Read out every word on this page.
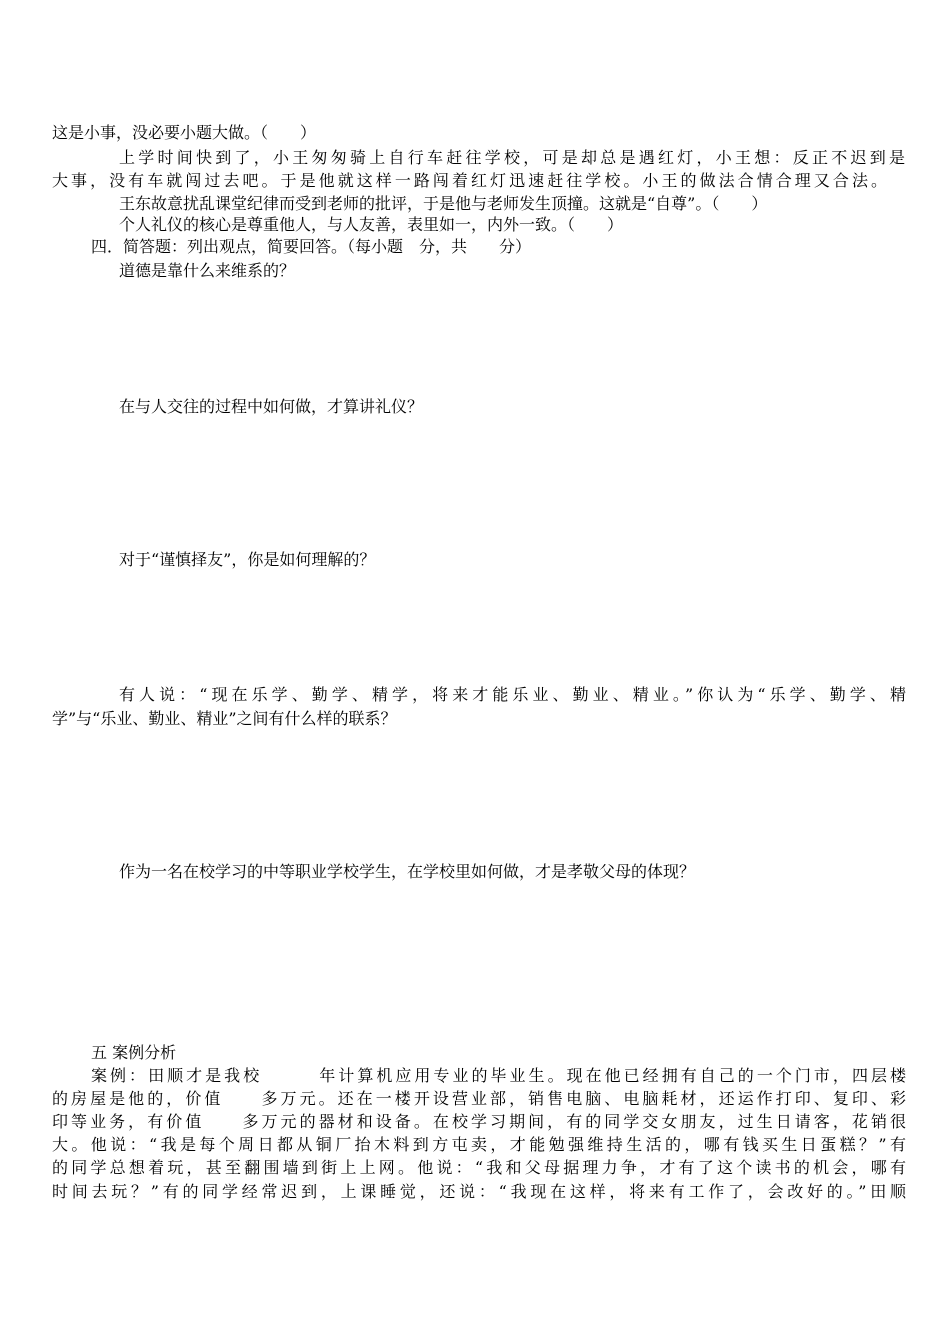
这是小事，没必要小题大做。（　　）
上学时间快到了，小王匆匆骑上自行车赶往学校，可是却总是遇红灯，小王想：反正不迟到是
大事，没有车就闯过去吧。于是他就这样一路闯着红灯迅速赶往学校。小王的做法合情合理又合法。
王东故意扰乱课堂纪律而受到老师的批评，于是他与老师发生顶撞。这就是“自尊”。（　　）
个人礼仪的核心是尊重他人，与人友善，表里如一，内外一致。（　　）
四．简答题：列出观点，简要回答。（每小题　分，共　　分）
道德是靠什么来维系的？
在与人交往的过程中如何做，才算讲礼仪？
对于“谨慎择友”，你是如何理解的？
有人说：“现在乐学、勤学、精学，将来才能乐业、勤业、精业。”你认为“乐学、勤学、精
学”与“乐业、勤业、精业”之间有什么样的联系？
作为一名在校学习的中等职业学校学生，在学校里如何做，才是孝敬父母的体现？
五 案例分析
案例：田顺才是我校　　　年计算机应用专业的毕业生。现在他已经拥有自己的一个门市，四层楼
的房屋是他的，价值　　多万元。还在一楼开设营业部，销售电脑、电脑耗材，还运作打印、复印、彩
印等业务，有价值　　多万元的器材和设备。在校学习期间，有的同学交女朋友，过生日请客，花销很
大。他说：“我是每个周日都从铜厂抬木料到方屯卖，才能勉强维持生活的，哪有钱买生日蛋糕？”有
的同学总想着玩，甚至翻围墙到街上上网。他说：“我和父母据理力争，才有了这个读书的机会，哪有
时间去玩？”有的同学经常迟到，上课睡觉，还说：“我现在这样，将来有工作了，会改好的。”田顺
